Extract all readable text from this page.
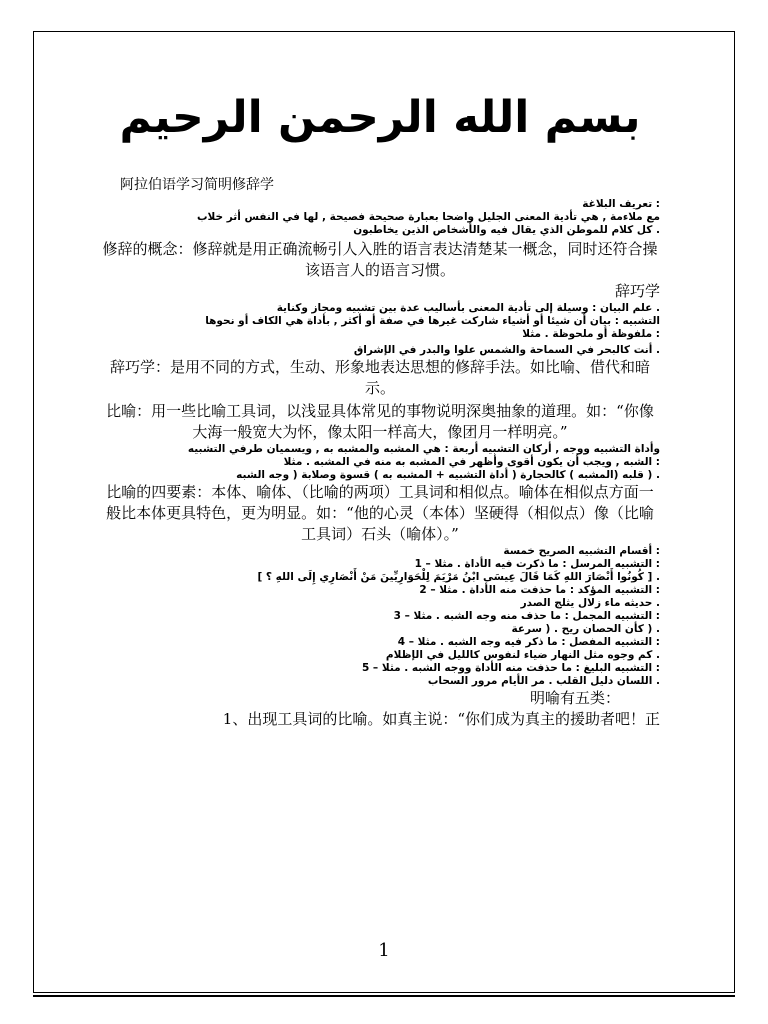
بسم الله الرحمن الرحيم

阿拉伯语学习简明修辞学

: تعريف البلاغة

مع ملاءمة , هي تأدية المعنى الجليل واضحا بعبارة صحيحة فصيحة , لها في النفس أثر خلاب

. كل كلام للموطن الذي يقال فيه والأشخاص الذين يخاطبون

修辞的概念：修辞就是用正确流畅引人入胜的语言表达清楚某一概念，同时还符合操该语言人的语言习惯。

辞巧学

. علم البيان : وسيلة إلى تأدية المعنى بأساليب عدة بين تشبيه ومجاز وكناية

التشبيه : بيان أن شيئا أو أشياء شاركت غيرها في صفة أو أكثر , بأداة هي الكاف أو نحوها

: ملفوظة أو ملحوظة . مثلا

. أنت كالبحر في السماحة والشمس علوا والبدر في الإشراق

辞巧学：是用不同的方式，生动、形象地表达思想的修辞手法。如比喻、借代和暗示。

比喻：用一些比喻工具词，以浅显具体常见的事物说明深奥抽象的道理。如：“你像大海一般宽大为怀，像太阳一样高大，像团月一样明亮。”

وأداة التشبيه ووجه , أركان التشبيه أربعة : هي المشبه والمشبه به , ويسميان طرفي التشبيه

: الشبه , ويجب أن يكون أقوى وأظهر في المشبه به منه في المشبه . مثلا

. ( قلبه (المشبه ) كالحجارة ( أداة التشبيه + المشبه به ) قسوة وصلابة ( وجه الشبه

比喻的四要素：本体、喻体、（比喻的两项）工具词和相似点。喻体在相似点方面一般比本体更具特色，更为明显。如：“他的心灵（本体）坚硬得（相似点）像（比喻工具词）石头（喻体）。”

: أقسام التشبيه الصريح خمسة

: التشبيه المرسل : ما ذكرت فيه الأداة . مثلا – 1

. [ كُونُوا أَنْصَارَ اللهِ كَمَا قَالَ عِيسَى ابْنُ مَرْيَمَ لِلْحَوَارِيِّينَ مَنْ أَنْصَارِي إِلَى اللهِ ؟ ]

: التشبيه المؤكد : ما حذفت منه الأداة . مثلا – 2

. حديثه ماء زلال يثلج الصدر

: التشبيه المجمل : ما حذف منه وجه الشبه . مثلا – 3

. ( كأن الحصان ريح . ( سرعة

: التشبيه المفصل : ما ذكر فيه وجه الشبه . مثلا – 4

. كم وجوه مثل النهار ضياء لنفوس كالليل في الإظلام

: التشبيه البليغ : ما حذفت منه الأداة ووجه الشبه . مثلا – 5

. اللسان دليل القلب . مر الأيام مرور السحاب

明喻有五类：

1、出现工具词的比喻。如真主说：“你们成为真主的援助者吧！正

1
